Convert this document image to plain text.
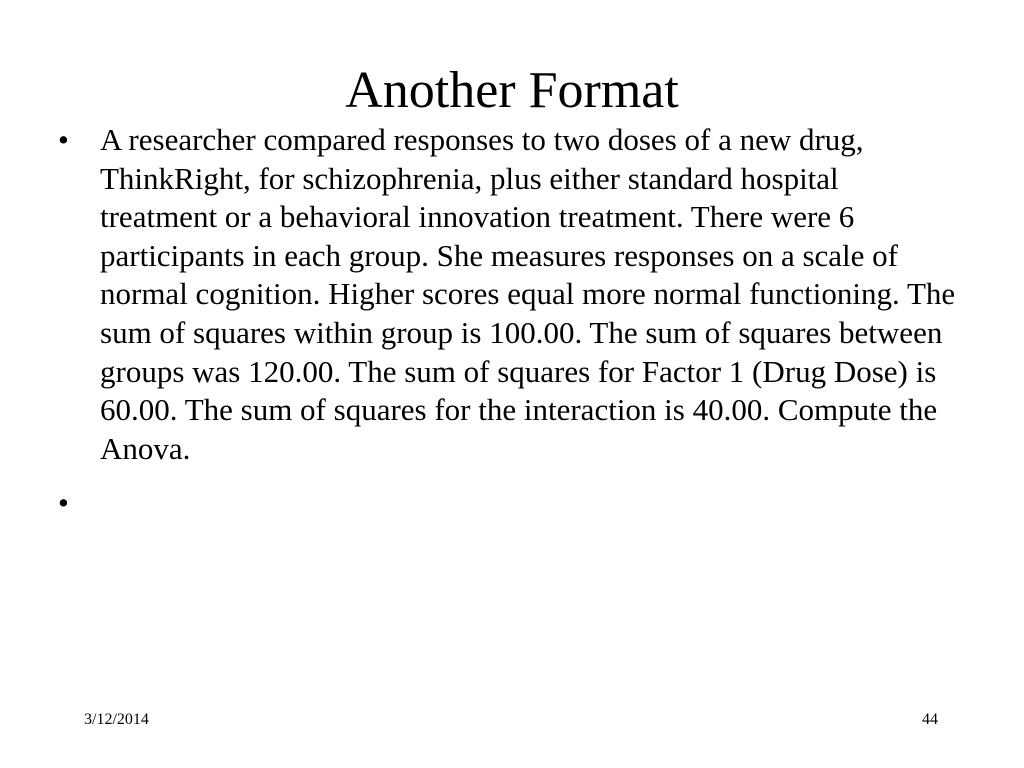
Another Format
•	A researcher compared responses to two doses of a new drug, ThinkRight, for schizophrenia, plus either standard hospital treatment or a behavioral innovation treatment. There were 6 participants in each group. She measures responses on a scale of normal cognition. Higher scores equal more normal functioning. The sum of squares within group is 100.00. The sum of squares between groups was 120.00. The sum of squares for Factor 1 (Drug Dose) is 60.00. The sum of squares for the interaction is 40.00. Compute the Anova.
•
3/12/2014	44
